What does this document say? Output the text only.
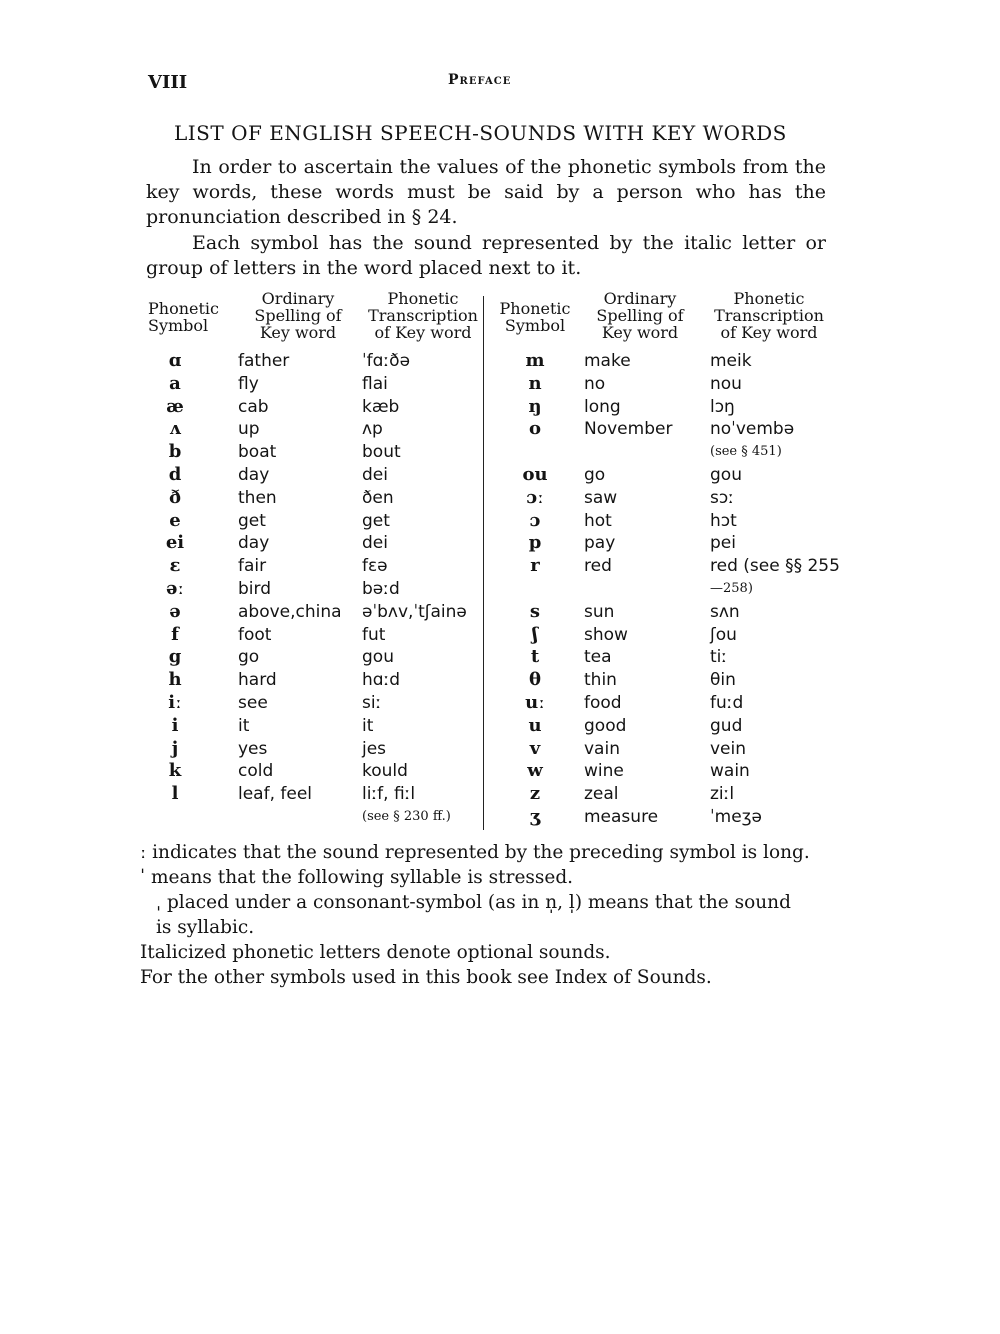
VIII	Preface
LIST OF ENGLISH SPEECH-SOUNDS WITH KEY WORDS

In order to ascertain the values of the phonetic symbols from the key words, these words must be said by a person who has the pronunciation described in § 24.

Each symbol has the sound represented by the italic letter or group of letters in the word placed next to it.

Phonetic
Symbol
Ordinary
Spelling of
Key word
Phonetic
Transcription
of Key word
ɑ	father	ˈfɑːðə
a	fly	flai
æ	cab	kæb
ʌ	up	ʌp
b	boat	bout
d	day	dei
ð	then	ðen
e	get	get
ei	day	dei
ɛ	fair	fɛə
əː	bird	bəːd
ə	above,china əˈbʌv,ˈtʃainə
f	foot	fut
g	go	gou
h	hard	hɑːd
iː	see	siː
i	it	it
j	yes	jes
k	cold	kould
l	leaf, feel	liːf, fiːl
(see § 230 ff.)
Phonetic
Symbol
Ordinary
Spelling of
Key word
Phonetic
Transcription
of Key word
m	make	meik
n	no	nou
ŋ	long	lɔŋ
o	November noˈvembə
(see § 451)
ou	go	gou
ɔː	saw	sɔː
ɔ	hot	hɔt
p	pay	pei
r	red	red (see §§ 255
—258)
s	sun	sʌn
ʃ	show	ʃou
t	tea	tiː
θ	thin	θin
uː	food	fuːd
u	good	gud
v	vain	vein
w	wine	wain
z	zeal	ziːl
ʒ	measure	ˈmeʒə
ː indicates that the sound represented by the preceding symbol is long.
ˈ means that the following syllable is stressed.
ˌ placed under a consonant-symbol (as in n̩, l̩) means that the sound
is syllabic.
Italicized phonetic letters denote optional sounds.
For the other symbols used in this book see Index of Sounds.
